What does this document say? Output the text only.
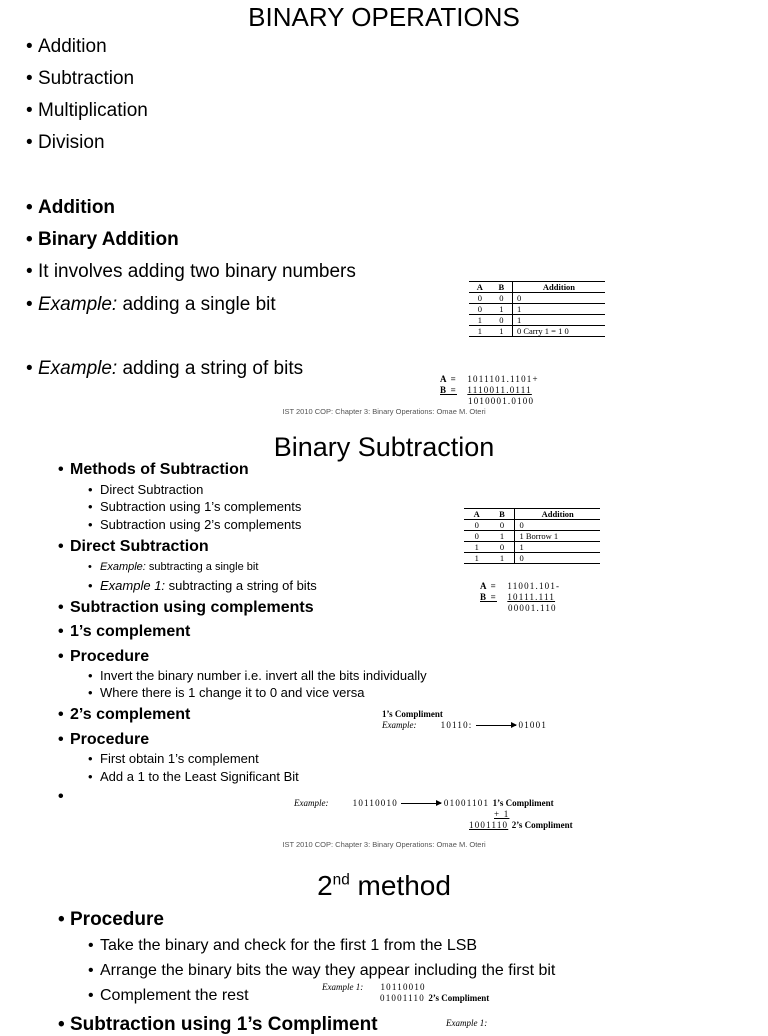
BINARY OPERATIONS
• Addition
• Subtraction
• Multiplication
• Division
• Addition
• Binary Addition
• It involves adding two binary numbers
• Example: adding a single bit
• Example: adding a string of bits
A	B	Addition
0	0	0
0	1	1
1	0	1
1	1	0 Carry 1 = 1 0
A = 1011101.1101+
B = 1110011.0111
1010001.0100
IST 2010 COP: Chapter 3: Binary Operations: Omae M. Oteri
Binary Subtraction
• Methods of Subtraction
• Direct Subtraction
• Subtraction using 1’s complements
• Subtraction using 2’s complements
• Direct Subtraction
• Example: subtracting a single bit
• Example 1: subtracting a string of bits
• Subtraction using complements
• 1’s complement
• Procedure
• Invert the binary number i.e. invert all the bits individually
• Where there is 1 change it to 0 and vice versa
• 2’s complement
• Procedure
• First obtain 1’s complement
• Add a 1 to the Least Significant Bit
•
A	B	Addition
0	0	0
0	1	1 Borrow 1
1	0	1
1	1	0
A = 11001.101-
B = 10111.111
00001.110
1’s Compliment
Example:	10110:	01001
Example:	10110010	01001101 1’s Compliment
+ 1
1001110 2’s Compliment
IST 2010 COP: Chapter 3: Binary Operations: Omae M. Oteri
2nd method
• Procedure
• Take the binary and check for the first 1 from the LSB
• Arrange the binary bits the way they appear including the first bit
• Complement the rest	Example 1: 10110010
01001110 2’s Compliment
• Subtraction using 1’s Compliment	Example 1:
